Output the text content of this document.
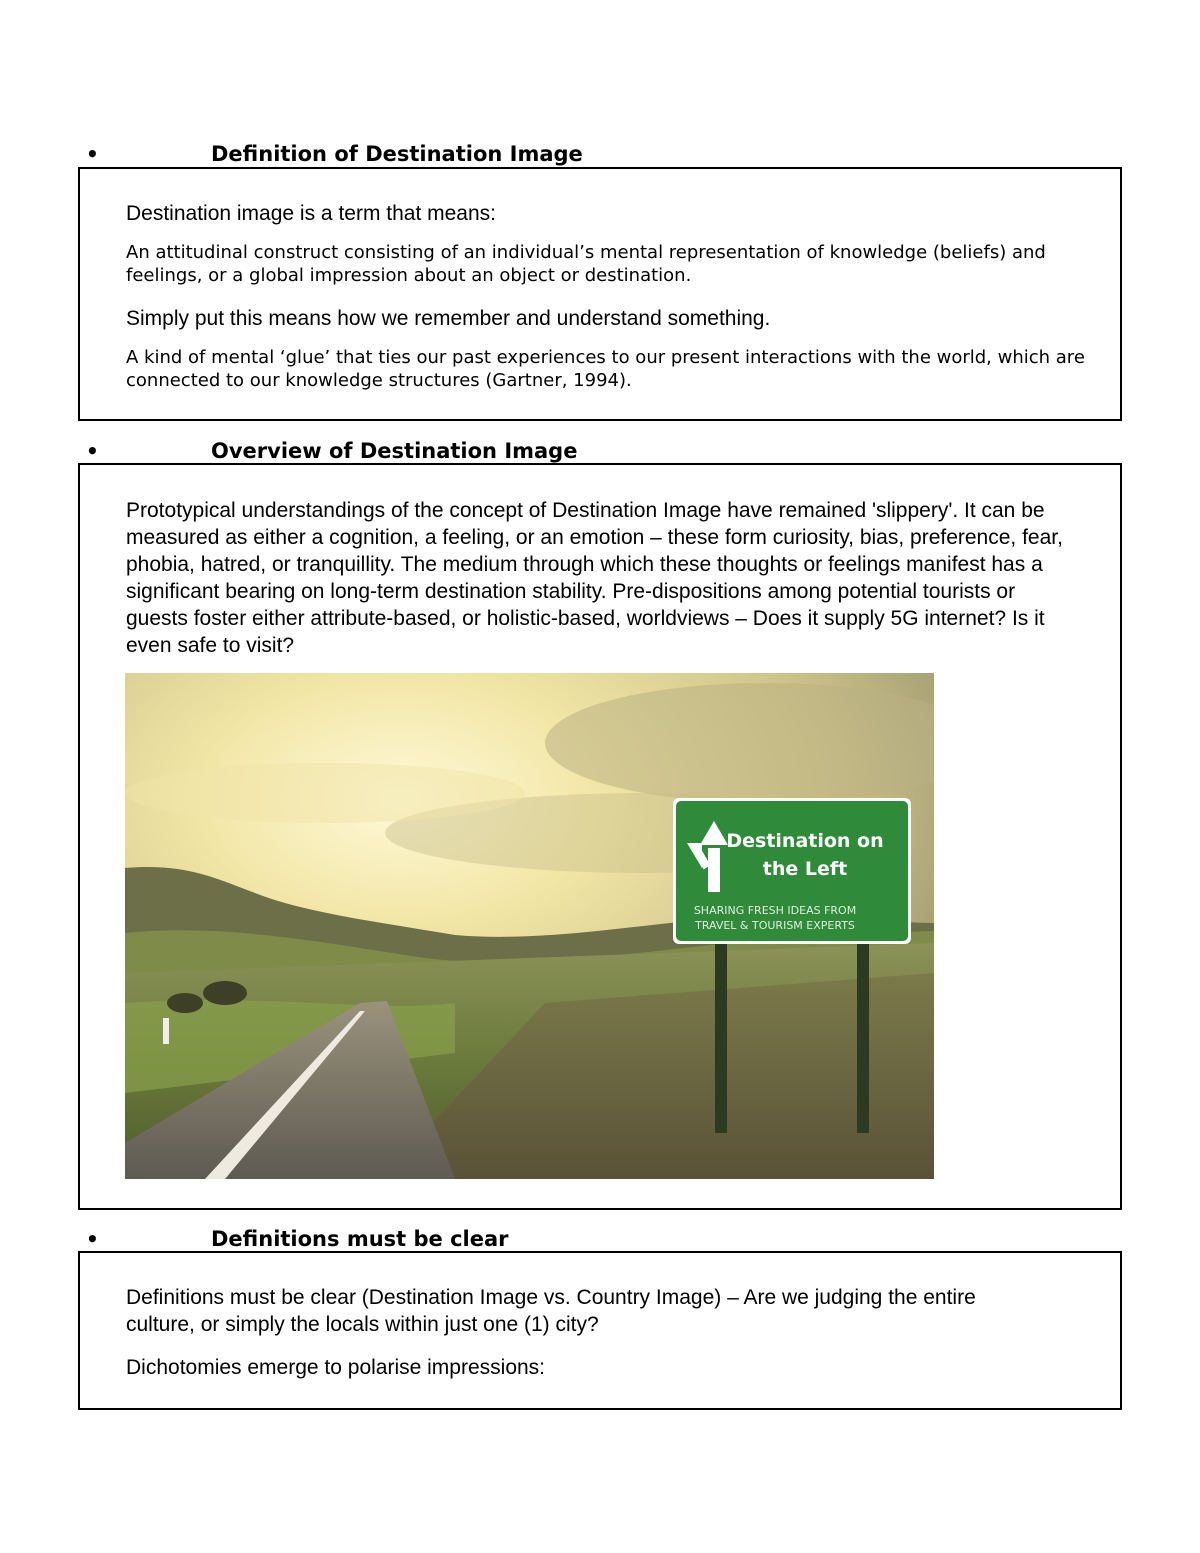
•	Definition of Destination Image

Destination image is a term that means:

An attitudinal construct consisting of an individual’s mental representation of knowledge (beliefs) and feelings, or a global impression about an object or destination.

Simply put this means how we remember and understand something.

A kind of mental ‘glue’ that ties our past experiences to our present interactions with the world, which are connected to our knowledge structures (Gartner, 1994).

•	Overview of Destination Image

Prototypical understandings of the concept of Destination Image have remained 'slippery'. It can be measured as either a cognition, a feeling, or an emotion – these form curiosity, bias, preference, fear, phobia, hatred, or tranquillity. The medium through which these thoughts or feelings manifest has a significant bearing on long-term destination stability. Pre-dispositions among potential tourists or guests foster either attribute-based, or holistic-based, worldviews – Does it supply 5G internet? Is it even safe to visit?

Destination on
the Left
SHARING FRESH IDEAS FROM
TRAVEL & TOURISM EXPERTS
•	Definitions must be clear

Definitions must be clear (Destination Image vs. Country Image) – Are we judging the entire culture, or simply the locals within just one (1) city?

Dichotomies emerge to polarise impressions:
